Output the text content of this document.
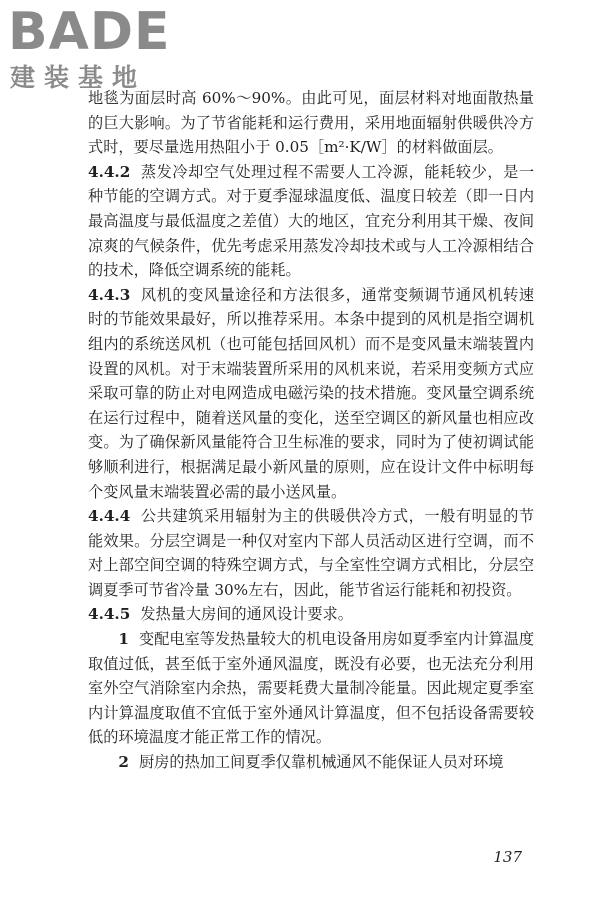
BADE
建装基地

地毯为面层时高 60%～90%。由此可见，面层材料对地面散热量的巨大影响。为了节省能耗和运行费用，采用地面辐射供暖供冷方式时，要尽量选用热阻小于 0.05［m²·K/W］的材料做面层。

4.4.2 蒸发冷却空气处理过程不需要人工冷源，能耗较少，是一种节能的空调方式。对于夏季湿球温度低、温度日较差（即一日内最高温度与最低温度之差值）大的地区，宜充分利用其干燥、夜间凉爽的气候条件，优先考虑采用蒸发冷却技术或与人工冷源相结合的技术，降低空调系统的能耗。

4.4.3 风机的变风量途径和方法很多，通常变频调节通风机转速时的节能效果最好，所以推荐采用。本条中提到的风机是指空调机组内的系统送风机（也可能包括回风机）而不是变风量末端装置内设置的风机。对于末端装置所采用的风机来说，若采用变频方式应采取可靠的防止对电网造成电磁污染的技术措施。变风量空调系统在运行过程中，随着送风量的变化，送至空调区的新风量也相应改变。为了确保新风量能符合卫生标准的要求，同时为了使初调试能够顺利进行，根据满足最小新风量的原则，应在设计文件中标明每个变风量末端装置必需的最小送风量。

4.4.4 公共建筑采用辐射为主的供暖供冷方式，一般有明显的节能效果。分层空调是一种仅对室内下部人员活动区进行空调，而不对上部空间空调的特殊空调方式，与全室性空调方式相比，分层空调夏季可节省冷量 30%左右，因此，能节省运行能耗和初投资。

4.4.5 发热量大房间的通风设计要求。

1 变配电室等发热量较大的机电设备用房如夏季室内计算温度取值过低，甚至低于室外通风温度，既没有必要，也无法充分利用室外空气消除室内余热，需要耗费大量制冷能量。因此规定夏季室内计算温度取值不宜低于室外通风计算温度，但不包括设备需要较低的环境温度才能正常工作的情况。

2 厨房的热加工间夏季仅靠机械通风不能保证人员对环境

137
